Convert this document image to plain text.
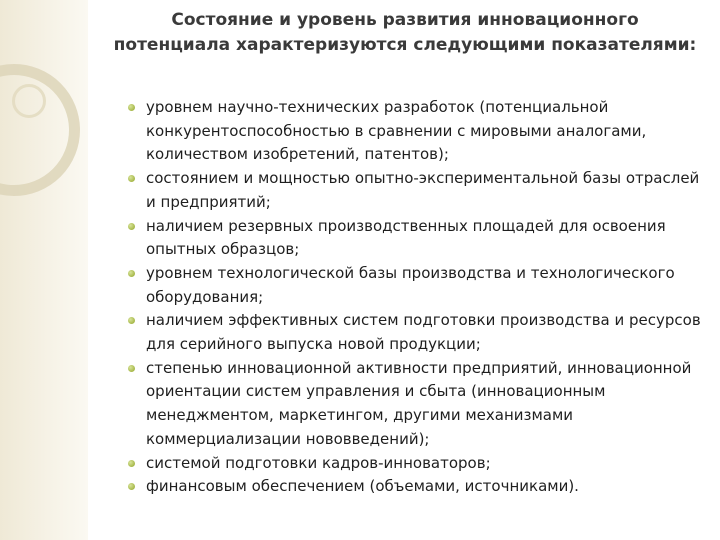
Состояние и уровень развития инновационного
потенциала характеризуются следующими показателями:
уровнем научно-технических разработок (потенциальной конкурентоспособностью в сравнении с мировыми аналогами, количеством изобретений, патентов);
состоянием и мощностью опытно-экспериментальной базы отраслей и предприятий;
наличием резервных производственных площадей для освоения опытных образцов;
уровнем технологической базы производства и технологического оборудования;
наличием эффективных систем подготовки производства и ресурсов для серийного выпуска новой продукции;
степенью инновационной активности предприятий, инновационной ориентации систем управления и сбыта (инновационным менеджментом, маркетингом, другими механизмами коммерциализации нововведений);
системой подготовки кадров-инноваторов;
финансовым обеспечением (объемами, источниками).
